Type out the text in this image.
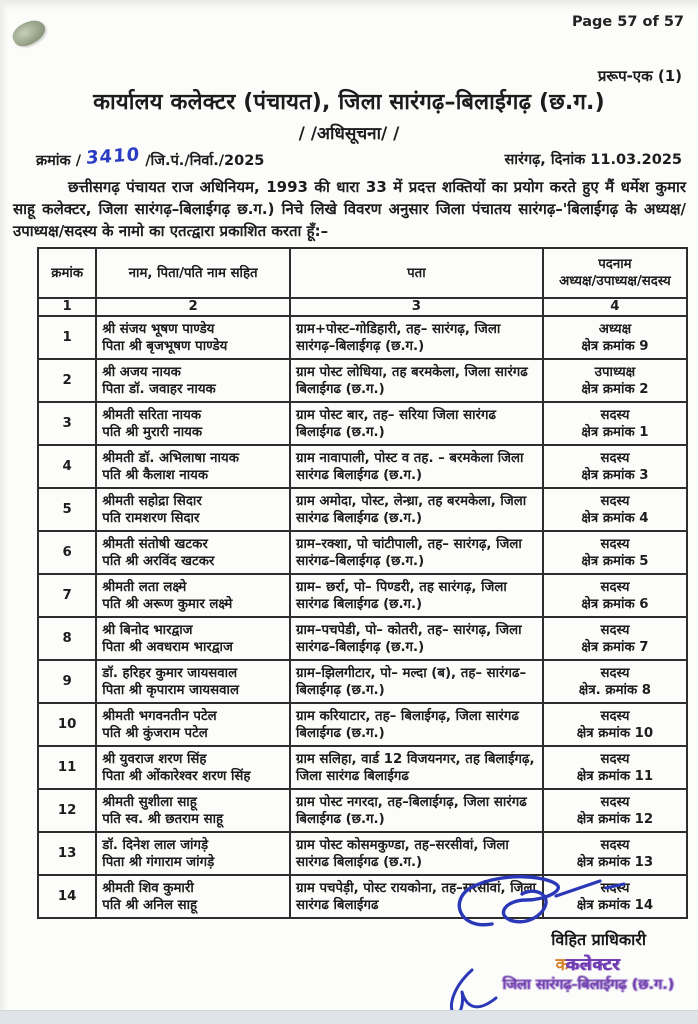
Page 57 of 57
प्ररूप-एक (1)
कार्यालय कलेक्टर (पंचायत), जिला सारंगढ़–बिलाईगढ़ (छ.ग.)
/ /अधिसूचना/ /
क्रमांक / 3410 /जि.पं./निर्वा./2025	सारंगढ़, दिनांक 11.03.2025

छत्तीसगढ़ पंचायत राज अधिनियम, 1993 की धारा 33 में प्रदत्त शक्तियों का प्रयोग करते हुए मैं धर्मेश कुमार साहू कलेक्टर, जिला सारंगढ़–बिलाईगढ़ छ.ग.) निचे लिखे विवरण अनुसार जिला पंचातय सारंगढ़–'बिलाईगढ़ के अध्यक्ष/उपाध्यक्ष/सदस्य के नामो का एतत्द्वारा प्रकाशित करता हूँ:–

क्रमांक	नाम, पिता/पति नाम सहित	पता	पदनाम
अध्यक्ष/उपाध्यक्ष/सदस्य

1	2	3	4
1	श्री संजय भूषण पाण्डेय
पिता श्री बृजभूषण पाण्डेय	ग्राम+पोस्ट–गोडिहारी, तह– सारंगढ़, जिला सारंगढ़–बिलाईगढ़ (छ.ग.)	अध्यक्ष
क्षेत्र क्रमांक 9

2	श्री अजय नायक
पिता डॉ. जवाहर नायक	ग्राम पोस्ट लोधिया, तह बरमकेला, जिला सारंगढ बिलाईगढ (छ.ग.)	उपाध्यक्ष
क्षेत्र क्रमांक 2

3	श्रीमती सरिता नायक
पति श्री मुरारी नायक	ग्राम पोस्ट बार, तह– सरिया जिला सारंगढ बिलाईगढ (छ.ग.)	सदस्य
क्षेत्र क्रमांक 1

4	श्रीमती डॉ. अभिलाषा नायक
पति श्री कैलाश नायक	ग्राम नावापाली, पोस्ट व तह. – बरमकेला जिला सारंगढ बिलाईगढ (छ.ग.)	सदस्य
क्षेत्र क्रमांक 3

5	श्रीमती सहोद्रा सिदार
पति रामशरण सिदार	ग्राम अमोदा, पोस्ट, लेन्ध्रा, तह बरमकेला, जिला सारंगढ बिलाईगढ (छ.ग.)	सदस्य
क्षेत्र क्रमांक 4

6	श्रीमती संतोषी खटकर
पति श्री अरविंद खटकर	ग्राम–रक्शा, पो चांटीपाली, तह– सारंगढ़, जिला सारंगढ–बिलाईगढ़ (छ.ग.)	सदस्य
क्षेत्र क्रमांक 5

7	श्रीमती लता लक्ष्मे
पति श्री अरूण कुमार लक्ष्मे	ग्राम– छर्रा, पो– पिण्डरी, तह सारंगढ़, जिला सारंगढ बिलाईगढ (छ.ग.)	सदस्य
क्षेत्र क्रमांक 6

8	श्री बिनोद भारद्वाज
पिता श्री अवधराम भारद्वाज	ग्राम–पचपेडी, पो– कोतरी, तह– सारंगढ़, जिला सारंगढ–बिलाईगढ़ (छ.ग.)	सदस्य
क्षेत्र क्रमांक 7

9	डॉ. हरिहर कुमार जायसवाल
पिता श्री कृपाराम जायसवाल	ग्राम–झिलगीटार, पो– मल्दा (ब), तह– सारंगढ–बिलाईगढ़ (छ.ग.)	सदस्य
क्षेत्र. क्रमांक 8

10	श्रीमती भगवनतीन पटेल
पति श्री कुंजराम पटेल	ग्राम करियाटार, तह– बिलाईगढ़, जिला सारंगढ बिलाईगढ (छ.ग.)	सदस्य
क्षेत्र क्रमांक 10

11	श्री युवराज शरण सिंह
पिता श्री ओंकारेश्वर शरण सिंह	ग्राम सलिहा, वार्ड 12 विजयनगर, तह बिलाईगढ़, जिला सारंगढ बिलाईगढ	सदस्य
क्षेत्र क्रमांक 11

12	श्रीमती सुशीला साहू
पति स्व. श्री छतराम साहू	ग्राम पोस्ट नगरदा, तह–बिलाईगढ़, जिला सारंगढ बिलाईगढ (छ.ग.)	सदस्य
क्षेत्र क्रमांक 12

13	डॉ. दिनेश लाल जांगड़े
पिता श्री गंगाराम जांगड़े	ग्राम पोस्ट कोसमकुण्डा, तह–सरसीवां, जिला सारंगढ बिलाईगढ (छ.ग.)	सदस्य
क्षेत्र क्रमांक 13

14	श्रीमती शिव कुमारी
पति श्री अनिल साहू	ग्राम पचपेड़ी, पोस्ट रायकोना, तह–सरसीवां, जिला सारंगढ बिलाईगढ	सदस्य
क्षेत्र क्रमांक 14
विहित प्राधिकारी
ककलेक्टर
जिला सारंगढ़-बिलाईगढ़ (छ.ग.)
